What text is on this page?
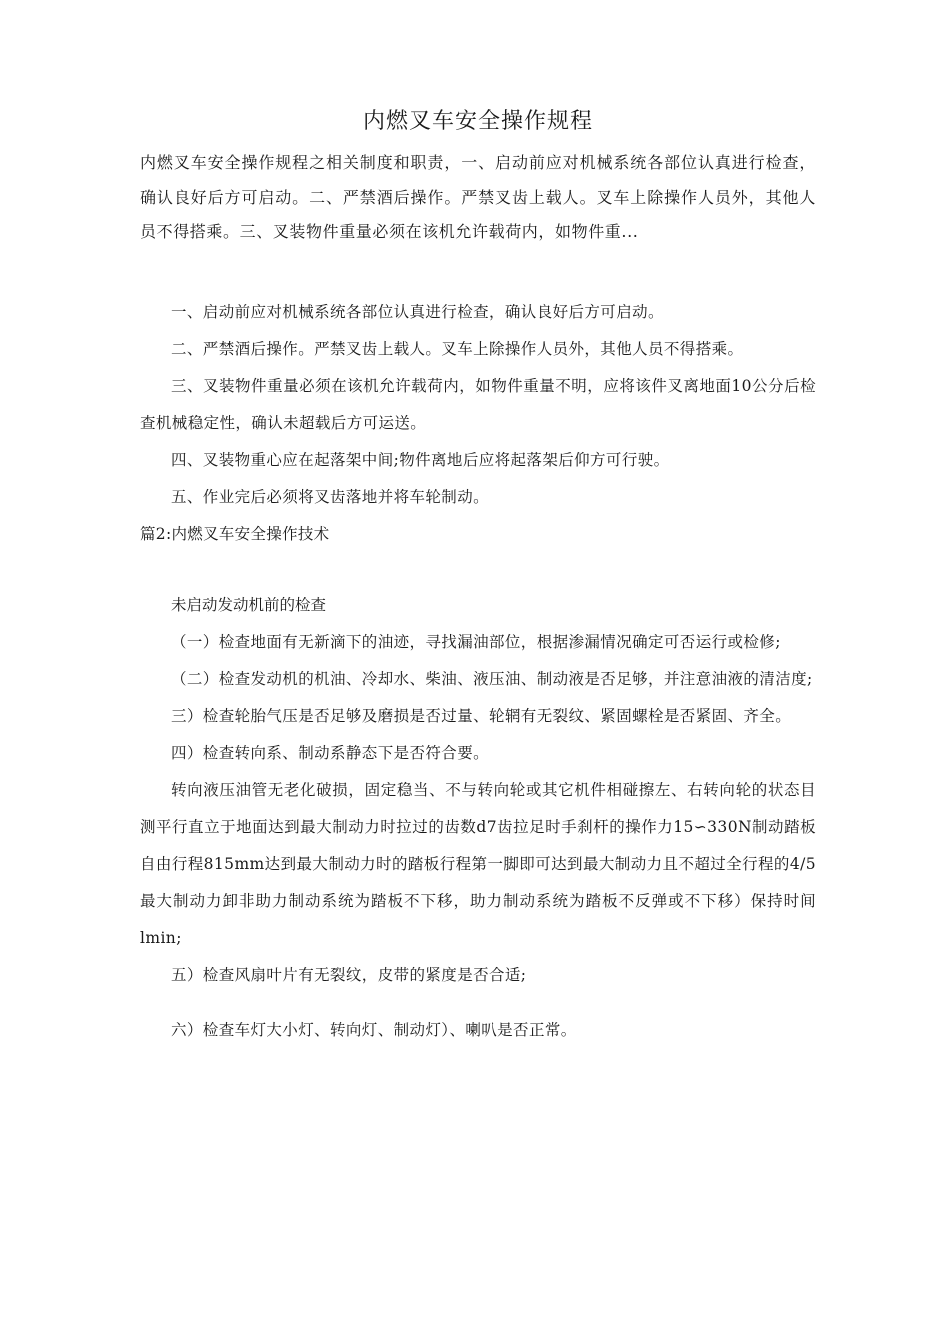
内燃叉车安全操作规程

内燃叉车安全操作规程之相关制度和职责，一、启动前应对机械系统各部位认真进行检查，确认良好后方可启动。二、严禁酒后操作。严禁叉齿上载人。叉车上除操作人员外，其他人员不得搭乘。三、叉装物件重量必须在该机允许载荷内，如物件重...

一、启动前应对机械系统各部位认真进行检查，确认良好后方可启动。

二、严禁酒后操作。严禁叉齿上载人。叉车上除操作人员外，其他人员不得搭乘。

三、叉装物件重量必须在该机允许载荷内，如物件重量不明，应将该件叉离地面10公分后检查机械稳定性，确认未超载后方可运送。

四、叉装物重心应在起落架中间;物件离地后应将起落架后仰方可行驶。

五、作业完后必须将叉齿落地并将车轮制动。

篇2:内燃叉车安全操作技术

未启动发动机前的检查

（一）检查地面有无新滴下的油迹，寻找漏油部位，根据渗漏情况确定可否运行或检修;

（二）检查发动机的机油、冷却水、柴油、液压油、制动液是否足够，并注意油液的清洁度;

三）检查轮胎气压是否足够及磨损是否过量、轮辋有无裂纹、紧固螺栓是否紧固、齐全。

四）检查转向系、制动系静态下是否符合要。

转向液压油管无老化破损，固定稳当、不与转向轮或其它机件相碰擦左、右转向轮的状态目测平行直立于地面达到最大制动力时拉过的齿数d7齿拉足时手刹杆的操作力15∽330N制动踏板自由行程815mm达到最大制动力时的踏板行程第一脚即可达到最大制动力且不超过全行程的4/5最大制动力卸非助力制动系统为踏板不下移，助力制动系统为踏板不反弹或不下移）保持时间lmin;

五）检查风扇叶片有无裂纹，皮带的紧度是否合适;

六）检查车灯大小灯、转向灯、制动灯）、喇叭是否正常。
